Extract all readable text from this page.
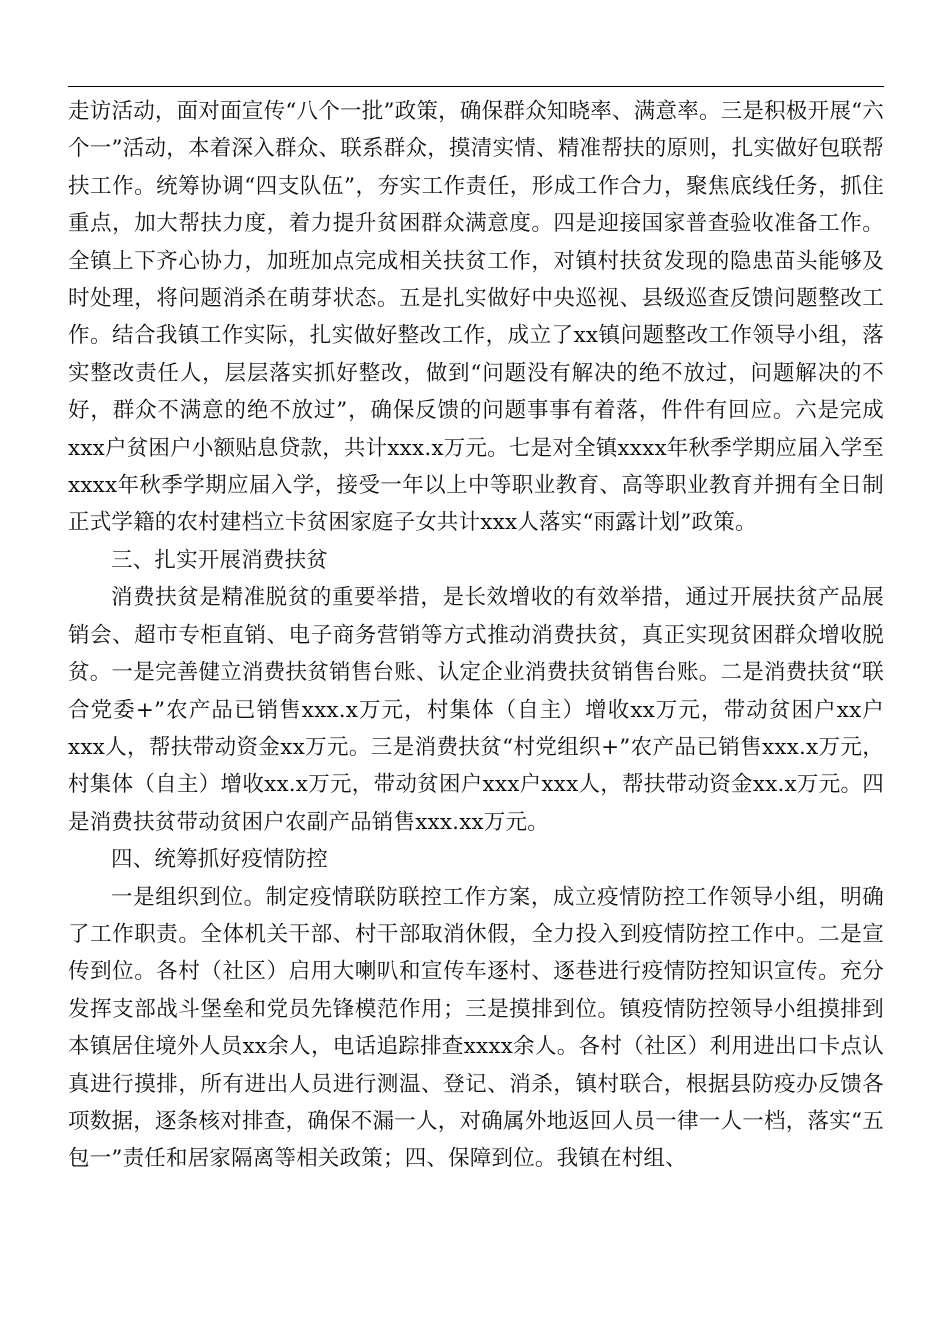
走访活动，面对面宣传“八个一批”政策，确保群众知晓率、满意率。三是积极开展“六个一”活动，本着深入群众、联系群众，摸清实情、精准帮扶的原则，扎实做好包联帮扶工作。统筹协调“四支队伍”，夯实工作责任，形成工作合力，聚焦底线任务，抓住重点，加大帮扶力度，着力提升贫困群众满意度。四是迎接国家普查验收准备工作。全镇上下齐心协力，加班加点完成相关扶贫工作，对镇村扶贫发现的隐患苗头能够及时处理，将问题消杀在萌芽状态。五是扎实做好中央巡视、县级巡查反馈问题整改工作。结合我镇工作实际，扎实做好整改工作，成立了xx镇问题整改工作领导小组，落实整改责任人，层层落实抓好整改，做到“问题没有解决的绝不放过，问题解决的不好，群众不满意的绝不放过”，确保反馈的问题事事有着落，件件有回应。六是完成xxx户贫困户小额贴息贷款，共计xxx.x万元。七是对全镇xxxx年秋季学期应届入学至xxxx年秋季学期应届入学，接受一年以上中等职业教育、高等职业教育并拥有全日制正式学籍的农村建档立卡贫困家庭子女共计xxx人落实“雨露计划”政策。

三、扎实开展消费扶贫

消费扶贫是精准脱贫的重要举措，是长效增收的有效举措，通过开展扶贫产品展销会、超市专柜直销、电子商务营销等方式推动消费扶贫，真正实现贫困群众增收脱贫。一是完善健立消费扶贫销售台账、认定企业消费扶贫销售台账。二是消费扶贫“联合党委+”农产品已销售xxx.x万元，村集体（自主）增收xx万元，带动贫困户xx户xxx人，帮扶带动资金xx万元。三是消费扶贫“村党组织+”农产品已销售xxx.x万元，村集体（自主）增收xx.x万元，带动贫困户xxx户xxx人，帮扶带动资金xx.x万元。四是消费扶贫带动贫困户农副产品销售xxx.xx万元。

四、统筹抓好疫情防控

一是组织到位。制定疫情联防联控工作方案，成立疫情防控工作领导小组，明确了工作职责。全体机关干部、村干部取消休假，全力投入到疫情防控工作中。二是宣传到位。各村（社区）启用大喇叭和宣传车逐村、逐巷进行疫情防控知识宣传。充分发挥支部战斗堡垒和党员先锋模范作用；三是摸排到位。镇疫情防控领导小组摸排到本镇居住境外人员xx余人，电话追踪排查xxxx余人。各村（社区）利用进出口卡点认真进行摸排，所有进出人员进行测温、登记、消杀，镇村联合，根据县防疫办反馈各项数据，逐条核对排查，确保不漏一人，对确属外地返回人员一律一人一档，落实“五包一”责任和居家隔离等相关政策；四、保障到位。我镇在村组、
